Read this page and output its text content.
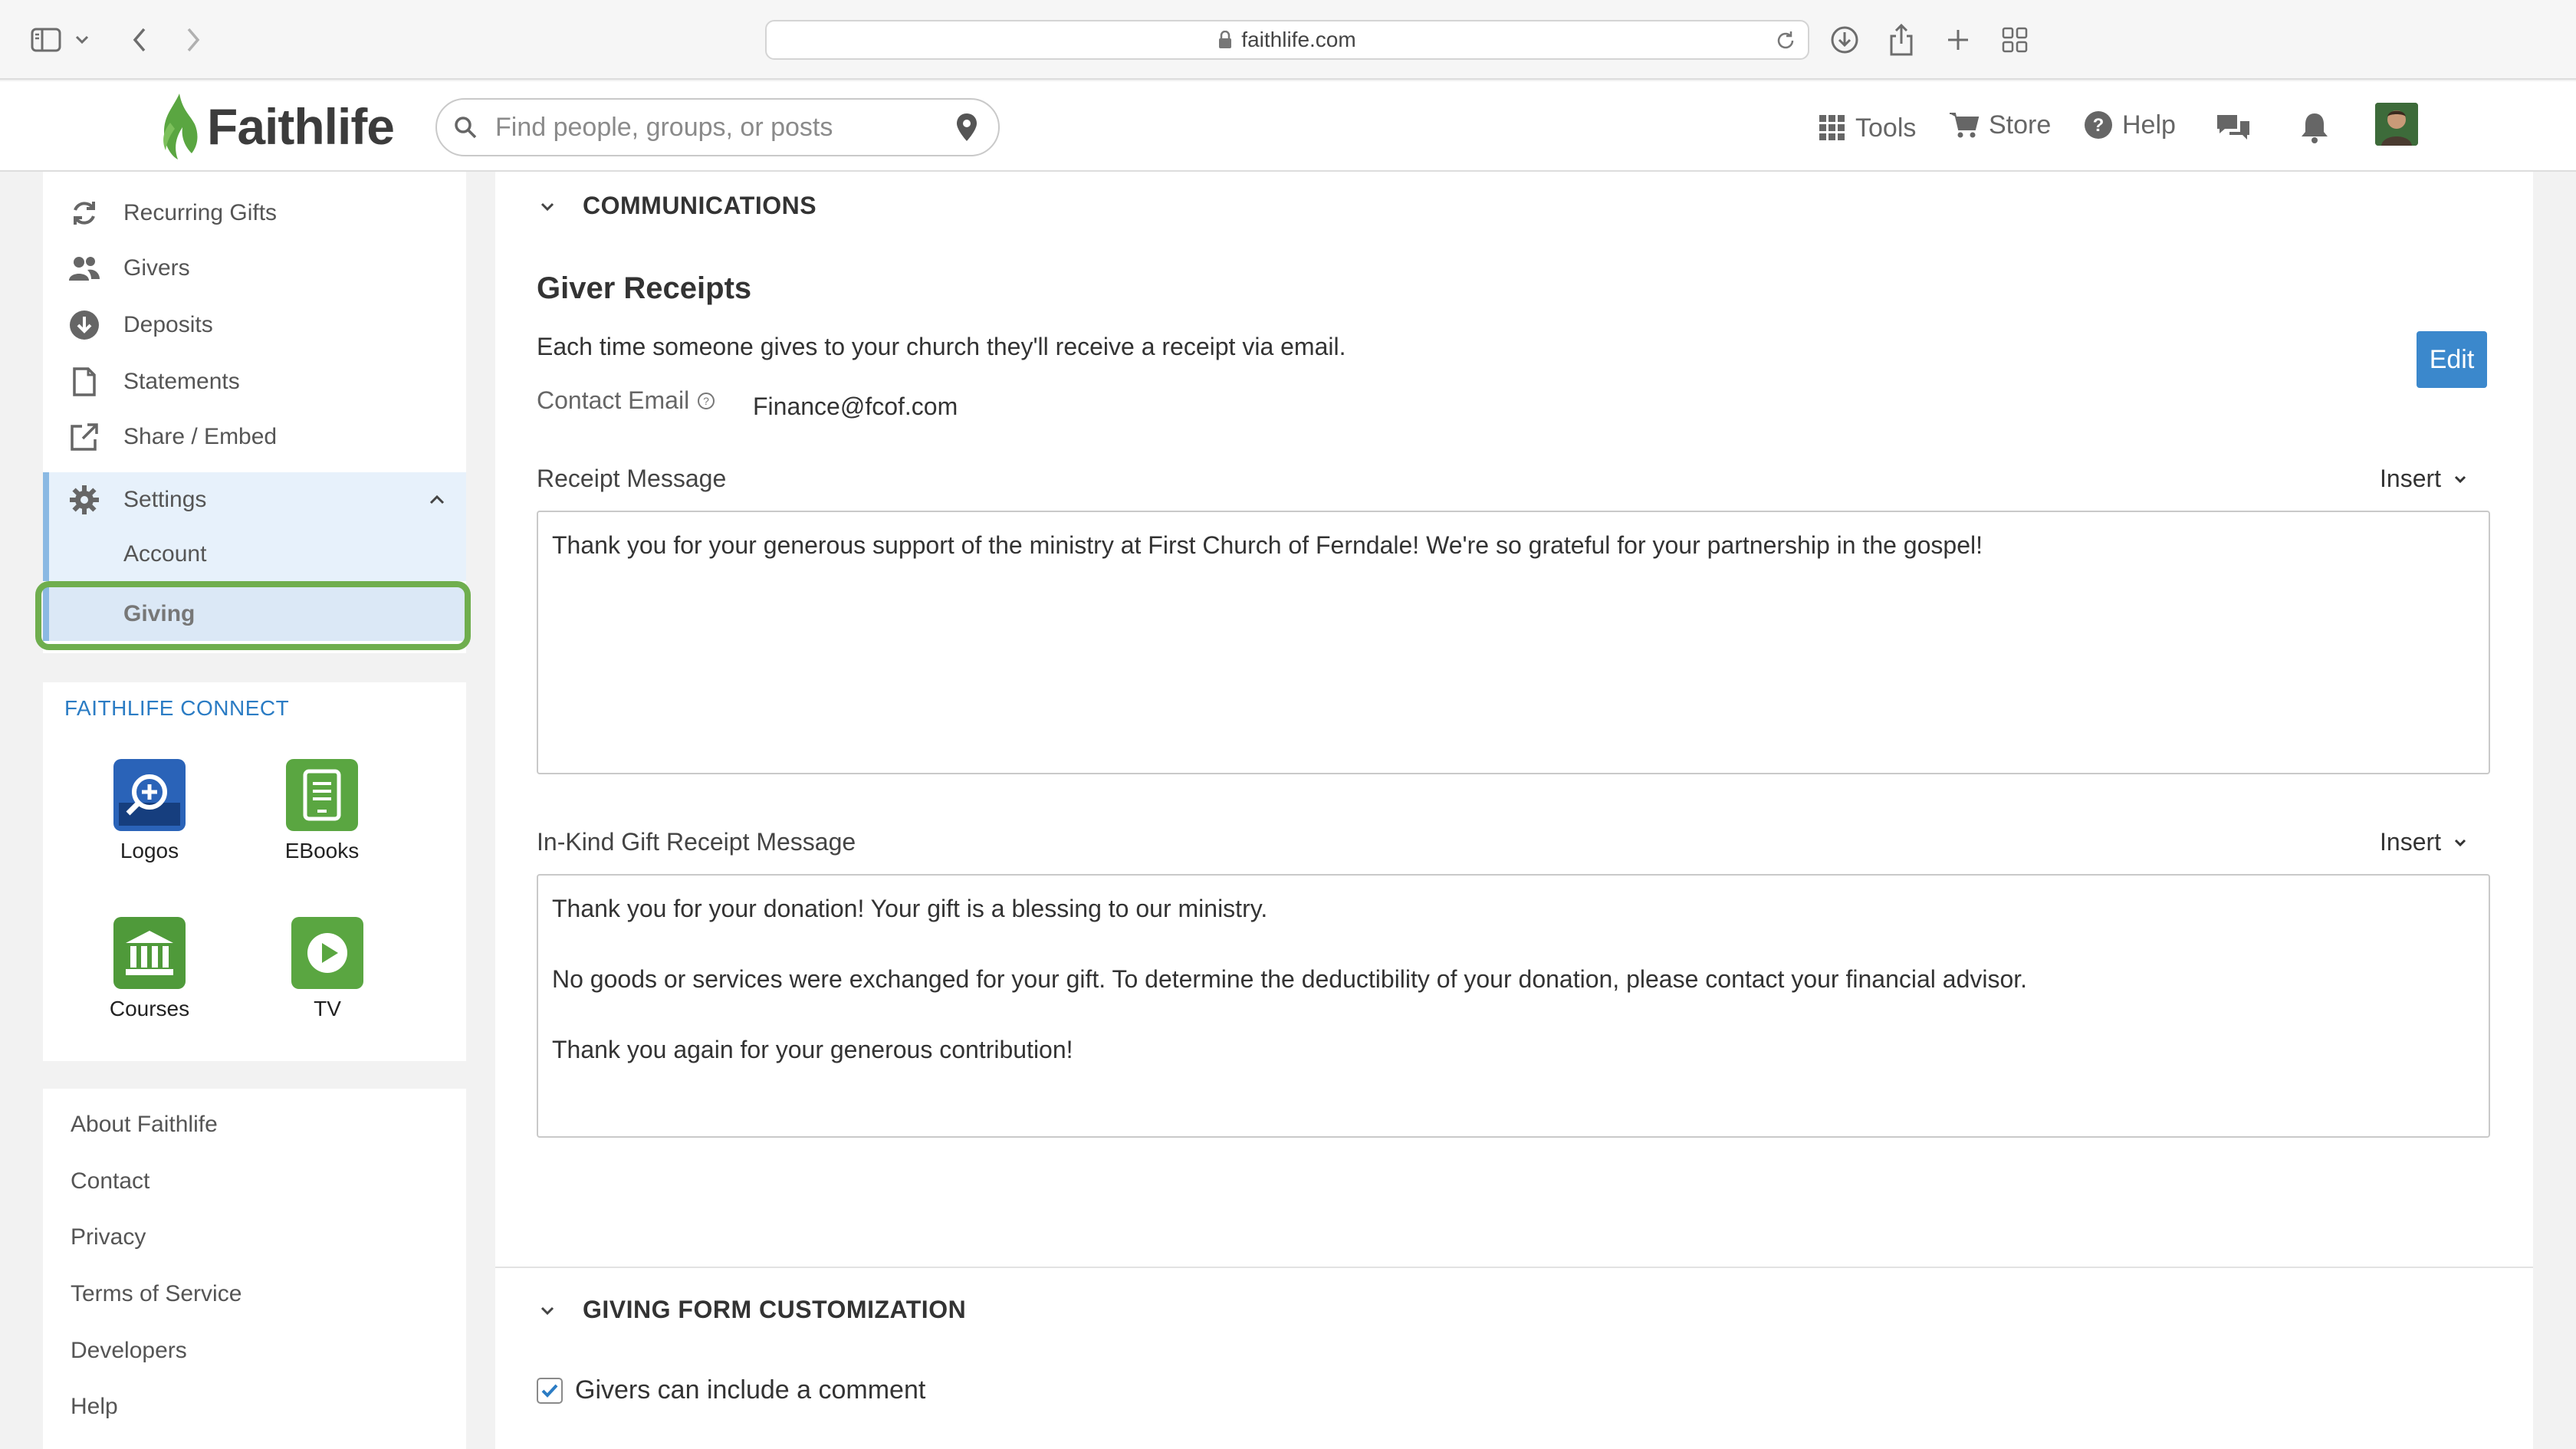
faithlife.com
Faithlife	Find people, groups, or posts	Tools	Store ? Help
Recurring Gifts
Givers
Deposits
Statements
Share / Embed
Settings
Account
Giving
FAITHLIFE CONNECT
Logos	EBooks
Courses	TV
About Faithlife
Contact
Privacy
Terms of Service
Developers
Help
COMMUNICATIONS
Giver Receipts
Each time someone gives to your church they'll receive a receipt via email.	Edit
Contact Email ? Finance@fcof.com
Receipt Message	Insert

Thank you for your generous support of the ministry at First Church of Ferndale! We're so grateful for your partnership in the gospel!

In-Kind Gift Receipt Message	Insert

Thank you for your donation! Your gift is a blessing to our ministry.

No goods or services were exchanged for your gift. To determine the deductibility of your donation, please contact your financial advisor.

Thank you again for your generous contribution!

GIVING FORM CUSTOMIZATION
Givers can include a comment
